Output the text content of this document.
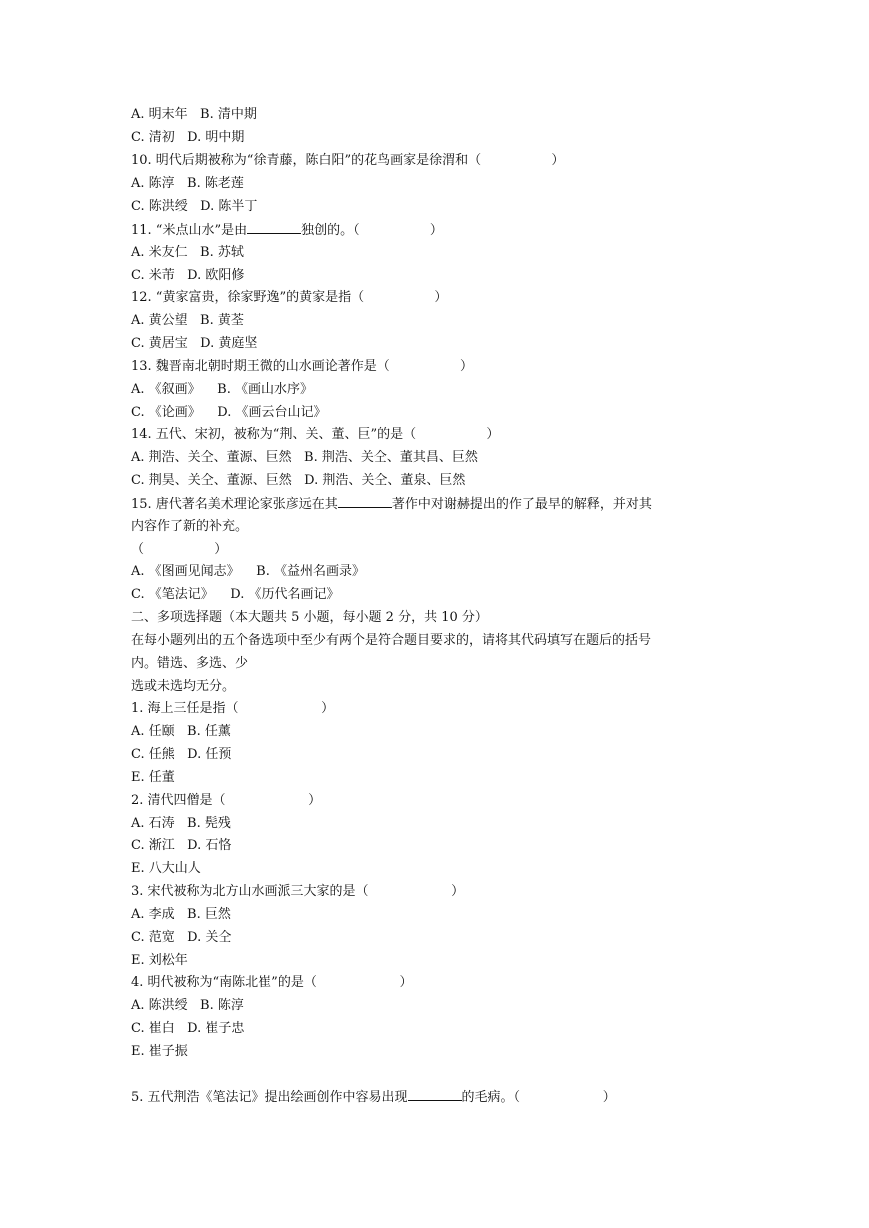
A. 明末年   B. 清中期

C. 清初   D. 明中期

10. 明代后期被称为“徐青藤，陈白阳”的花鸟画家是徐渭和（                 ）

A. 陈淳   B. 陈老莲

C. 陈洪绶   D. 陈半丁

11. “米点山水”是由	独创的。（                 ）

A. 米友仁   B. 苏轼

C. 米芾   D. 欧阳修

12. “黄家富贵，徐家野逸”的黄家是指（                 ）

A. 黄公望   B. 黄荃

C. 黄居宝   D. 黄庭坚

13. 魏晋南北朝时期王微的山水画论著作是（                 ）

A. 《叙画》    B. 《画山水序》

C. 《论画》    D. 《画云台山记》

14. 五代、宋初，被称为“荆、关、董、巨”的是（                 ）

A. 荆浩、关仝、董源、巨然   B. 荆浩、关仝、董其昌、巨然

C. 荆昊、关仝、董源、巨然   D. 荆浩、关仝、董泉、巨然

15. 唐代著名美术理论家张彦远在其	著作中对谢赫提出的作了最早的解释，并对其

内容作了新的补充。

（                 ）

A. 《图画见闻志》    B. 《益州名画录》

C. 《笔法记》    D. 《历代名画记》

二、多项选择题（本大题共 5 小题，每小题 2 分，共 10 分）

在每小题列出的五个备选项中至少有两个是符合题目要求的，请将其代码填写在题后的括号

内。错选、多选、少

选或未选均无分。

1. 海上三任是指（                    ）

A. 任颐   B. 任薰

C. 任熊   D. 任预

E. 任董

2. 清代四僧是（                    ）

A. 石涛   B. 髡残

C. 渐江   D. 石恪

E. 八大山人

3. 宋代被称为北方山水画派三大家的是（                    ）

A. 李成   B. 巨然

C. 范宽   D. 关仝

E. 刘松年

4. 明代被称为“南陈北崔”的是（                    ）

A. 陈洪绶   B. 陈淳

C. 崔白   D. 崔子忠

E. 崔子振

5. 五代荆浩《笔法记》提出绘画创作中容易出现	的毛病。（                    ）
